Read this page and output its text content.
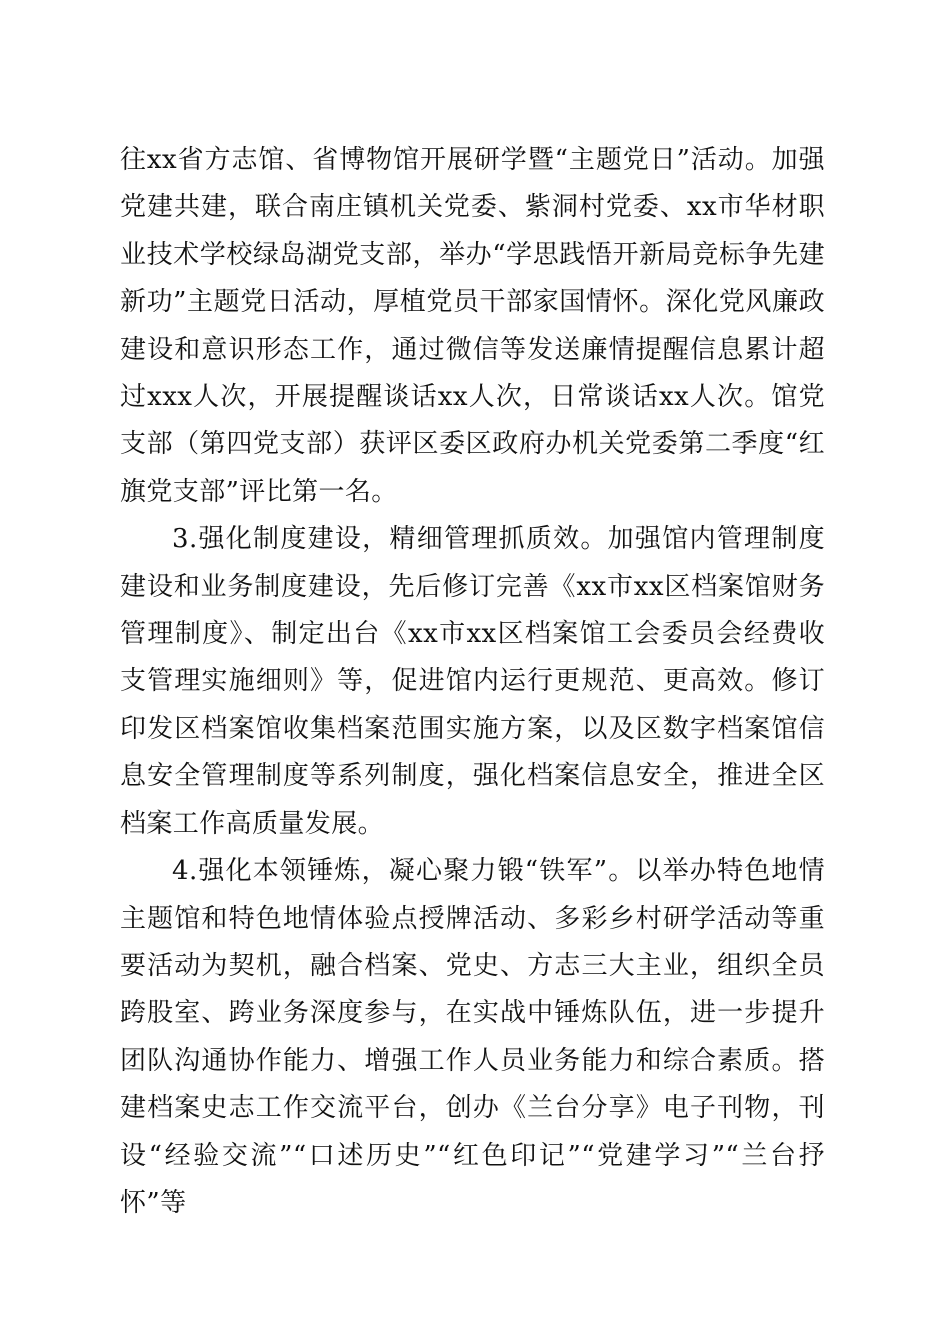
往xx省方志馆、省博物馆开展研学暨“主题党日”活动。加强党建共建，联合南庄镇机关党委、紫洞村党委、xx市华材职业技术学校绿岛湖党支部，举办“学思践悟开新局竞标争先建新功”主题党日活动，厚植党员干部家国情怀。深化党风廉政建设和意识形态工作，通过微信等发送廉情提醒信息累计超过xxx人次，开展提醒谈话xx人次，日常谈话xx人次。馆党支部（第四党支部）获评区委区政府办机关党委第二季度“红旗党支部”评比第一名。

3.强化制度建设，精细管理抓质效。加强馆内管理制度建设和业务制度建设，先后修订完善《xx市xx区档案馆财务管理制度》、制定出台《xx市xx区档案馆工会委员会经费收支管理实施细则》等，促进馆内运行更规范、更高效。修订印发区档案馆收集档案范围实施方案，以及区数字档案馆信息安全管理制度等系列制度，强化档案信息安全，推进全区档案工作高质量发展。

4.强化本领锤炼，凝心聚力锻“铁军”。以举办特色地情主题馆和特色地情体验点授牌活动、多彩乡村研学活动等重要活动为契机，融合档案、党史、方志三大主业，组织全员跨股室、跨业务深度参与，在实战中锤炼队伍，进一步提升团队沟通协作能力、增强工作人员业务能力和综合素质。搭建档案史志工作交流平台，创办《兰台分享》电子刊物，刊设“经验交流”“口述历史”“红色印记”“党建学习”“兰台抒怀”等
